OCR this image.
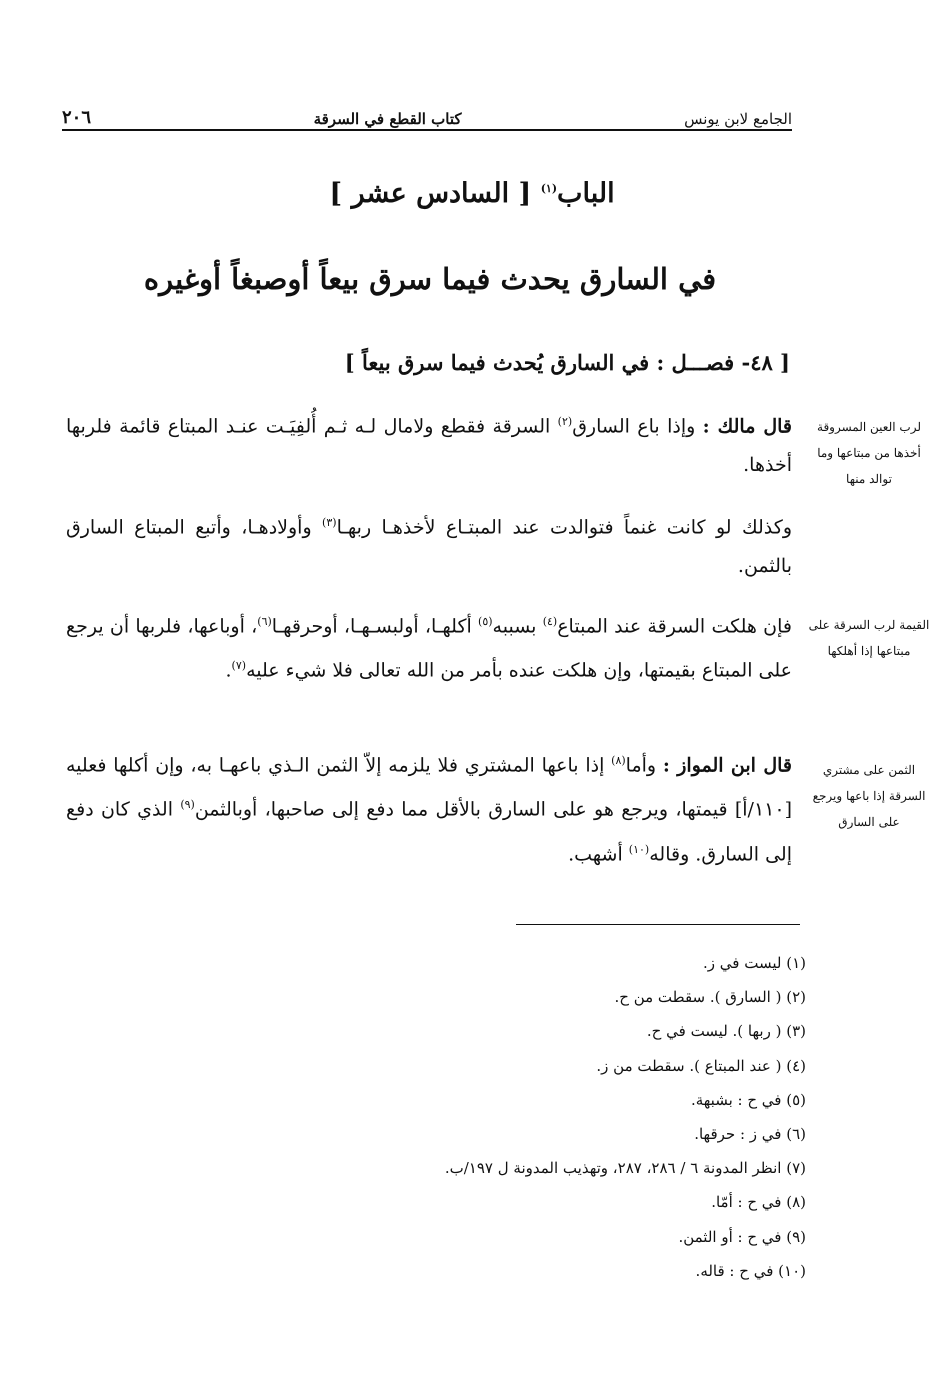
الجامع لابن يونس
كتاب القطع في السرقة
٢٠٦
الباب$^{(١)}$ [ السادس عشر ]
في السارق يحدث فيما سرق بيعاً أوصبغاً أوغيره
[ ٤٨- فصـــل : في السارق يُحدث فيما سرق بيعاً ]
قال مالك : وإذا باع السارق$^{(٢)}$ السرقة فقطع ولامال لـه ثـم أُلفِيَـت عنـد المبتاع قائمة فلربها أخذها.
وكذلك لو كانت غنماً فتوالدت عند المبتـاع لأخذهـا ربهـا$^{(٣)}$ وأولادهـا، وأتبع المبتاع السارق بالثمن.
فإن هلكت السرقة عند المبتاع$^{(٤)}$ بسببه$^{(٥)}$ أكلهـا، أولبسـهـا، أوحرقهـا$^{(٦)}$، أوباعها، فلربها أن يرجع على المبتاع بقيمتها، وإن هلكت عنده بأمر من الله تعالى فلا شيء عليه$^{(٧)}$.
قال ابن المواز : وأما$^{(٨)}$ إذا باعها المشتري فلا يلزمه إلاّ الثمن الـذي باعهـا به، وإن أكلها فعليه [١١٠/أ] قيمتها، ويرجع هو على السارق بالأقل مما دفع إلى صاحبها، أوبالثمن$^{(٩)}$ الذي كان دفع إلى السارق. وقاله$^{(١٠)}$ أشهب.
لرب العين المسروقة أخذها من مبتاعها وما توالد منها
القيمة لرب السرقة على مبتاعها إذا أهلكها
الثمن على مشتري السرقة إذا باعها ويرجع على السارق
(١) ليست في ز.
(٢) ( السارق ). سقطت من ح.
(٣) ( ربها ). ليست في ح.
(٤) ( عند المبتاع ). سقطت من ز.
(٥) في ح : بشبهة.
(٦) في ز : حرقها.
(٧) انظر المدونة ٦ / ٢٨٦، ٢٨٧، وتهذيب المدونة ل ١٩٧/ب.
(٨) في ح : أمّا.
(٩) في ح : أو الثمن.
(١٠) في ح : قاله.
